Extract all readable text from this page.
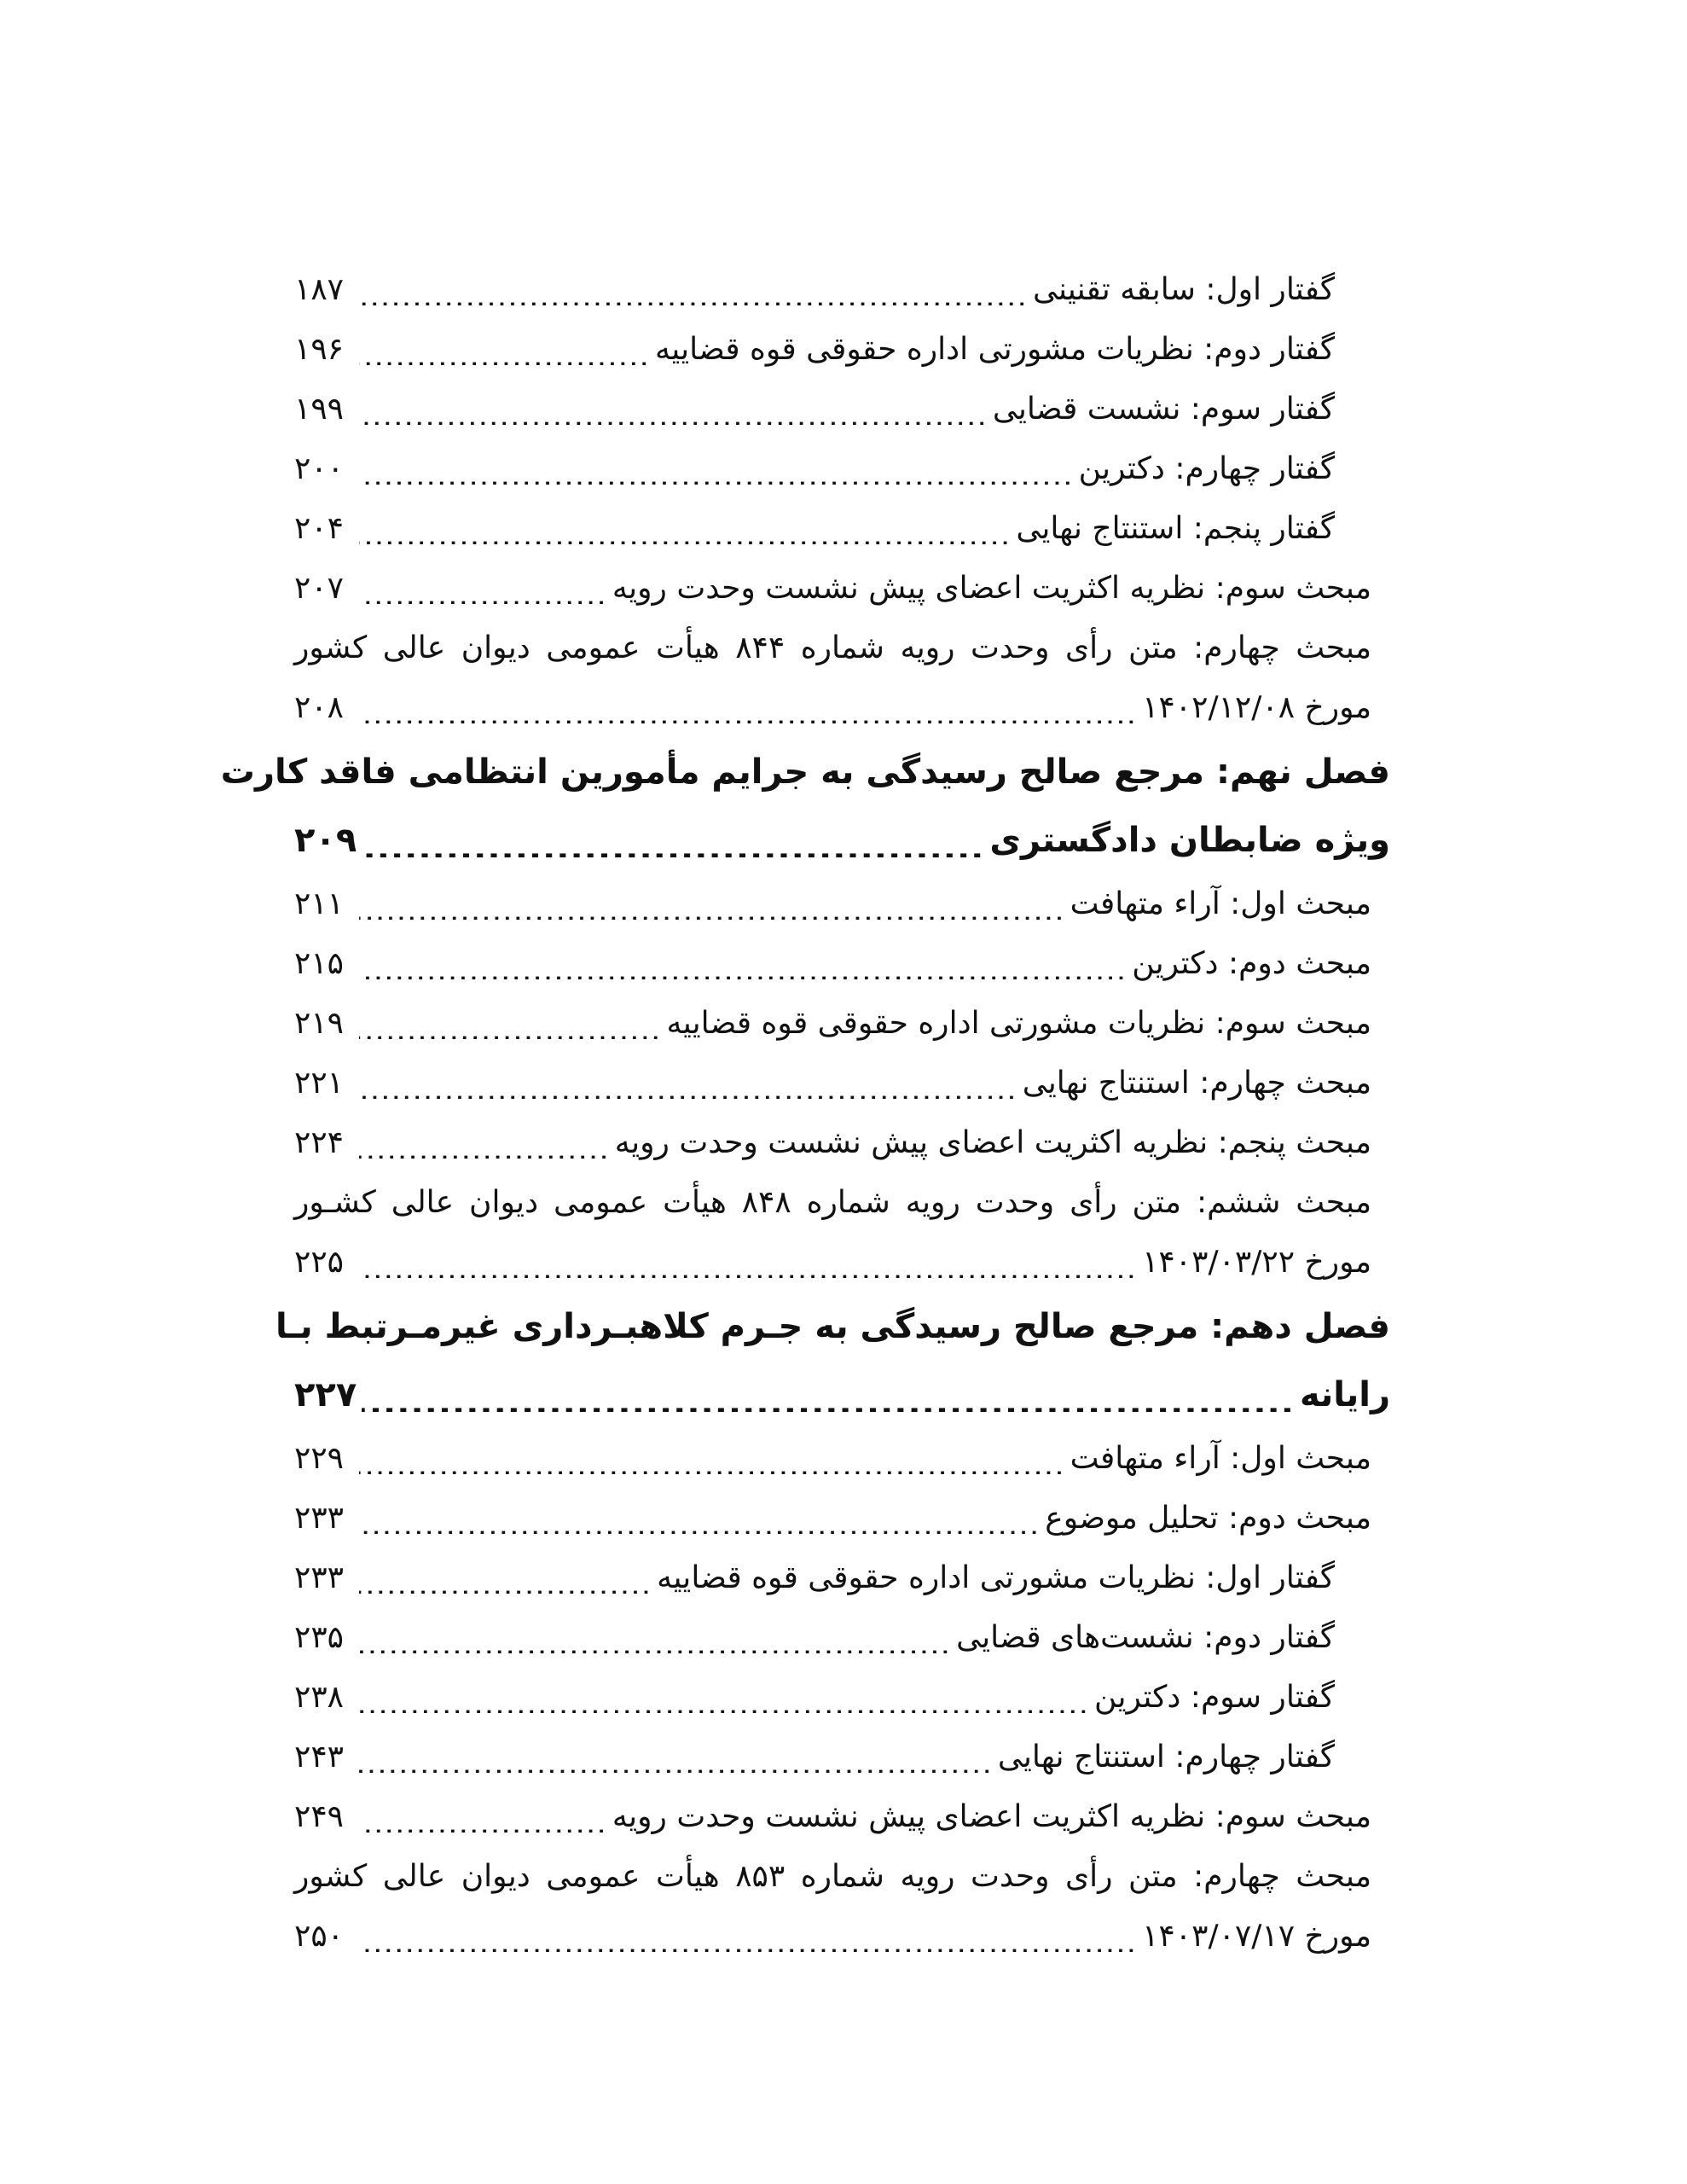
گفتار اول: سابقه تقنینی
.....
۱۸۷
گفتار دوم: نظریات مشورتی اداره حقوقی قوه قضاییه
.....
۱۹۶
گفتار سوم: نشست قضایی
.....
۱۹۹
گفتار چهارم: دکترین
.....
۲۰۰
گفتار پنجم: استنتاج نهایی
.....
۲۰۴
مبحث سوم: نظریه اکثریت اعضای پیش نشست وحدت رویه
.....
۲۰۷
مبحث چهارم: متن رأی وحدت رویه شماره ۸۴۴ هیأت عمومی دیوان عالی کشور
مورخ ۱۴۰۲/۱۲/۰۸
.....
۲۰۸
فصل نهم: مرجع صالح رسیدگی به جرایم مأمورین انتظامی فاقد کارت
ویژه ضابطان دادگستری
.....
۲۰۹
مبحث اول: آراء متهافت
.....
۲۱۱
مبحث دوم: دکترین
.....
۲۱۵
مبحث سوم: نظریات مشورتی اداره حقوقی قوه قضاییه
.....
۲۱۹
مبحث چهارم: استنتاج نهایی
.....
۲۲۱
مبحث پنجم: نظریه اکثریت اعضای پیش نشست وحدت رویه
.....
۲۲۴
مبحث ششم: متن رأی وحدت رویه شماره ۸۴۸ هیأت عمومی دیوان عالی کشـور
مورخ ۱۴۰۳/۰۳/۲۲
.....
۲۲۵
فصل دهم: مرجع صالح رسیدگی به جـرم کلاهبـرداری غیرمـرتبط بـا
رایانه
.....
۲۲۷
مبحث اول: آراء متهافت
.....
۲۲۹
مبحث دوم: تحلیل موضوع
.....
۲۳۳
گفتار اول: نظریات مشورتی اداره حقوقی قوه قضاییه
.....
۲۳۳
گفتار دوم: نشست‌های قضایی
.....
۲۳۵
گفتار سوم: دکترین
.....
۲۳۸
گفتار چهارم: استنتاج نهایی
.....
۲۴۳
مبحث سوم: نظریه اکثریت اعضای پیش نشست وحدت رویه
.....
۲۴۹
مبحث چهارم: متن رأی وحدت رویه شماره ۸۵۳ هیأت عمومی دیوان عالی کشور
مورخ ۱۴۰۳/۰۷/۱۷
.....
۲۵۰
